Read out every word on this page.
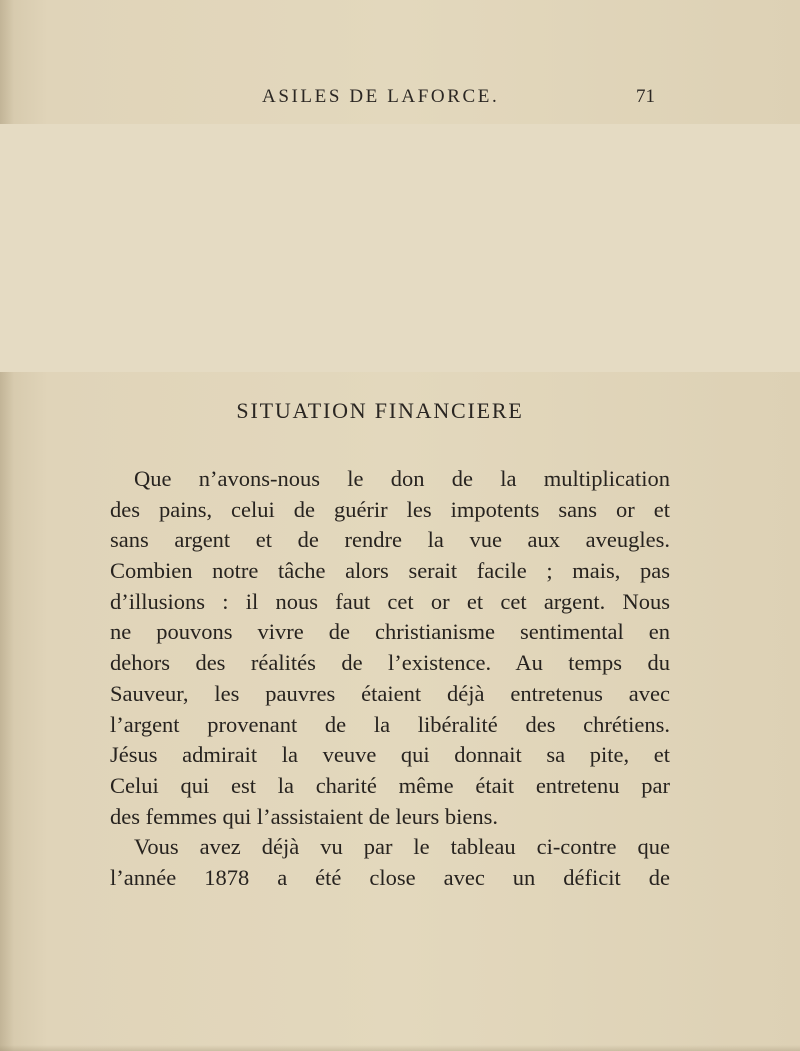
ASILES DE LAFORCE.	71
SITUATION FINANCIERE
Que n’avons-nous le don de la multiplication
des pains, celui de guérir les impotents sans or et
sans argent et de rendre la vue aux aveugles.
Combien notre tâche alors serait facile ; mais, pas
d’illusions : il nous faut cet or et cet argent. Nous
ne pouvons vivre de christianisme sentimental en
dehors des réalités de l’existence. Au temps du
Sauveur, les pauvres étaient déjà entretenus avec
l’argent provenant de la libéralité des chrétiens.
Jésus admirait la veuve qui donnait sa pite, et
Celui qui est la charité même était entretenu par
des femmes qui l’assistaient de leurs biens.
Vous avez déjà vu par le tableau ci-contre que
l’année 1878 a été close avec un déficit de
